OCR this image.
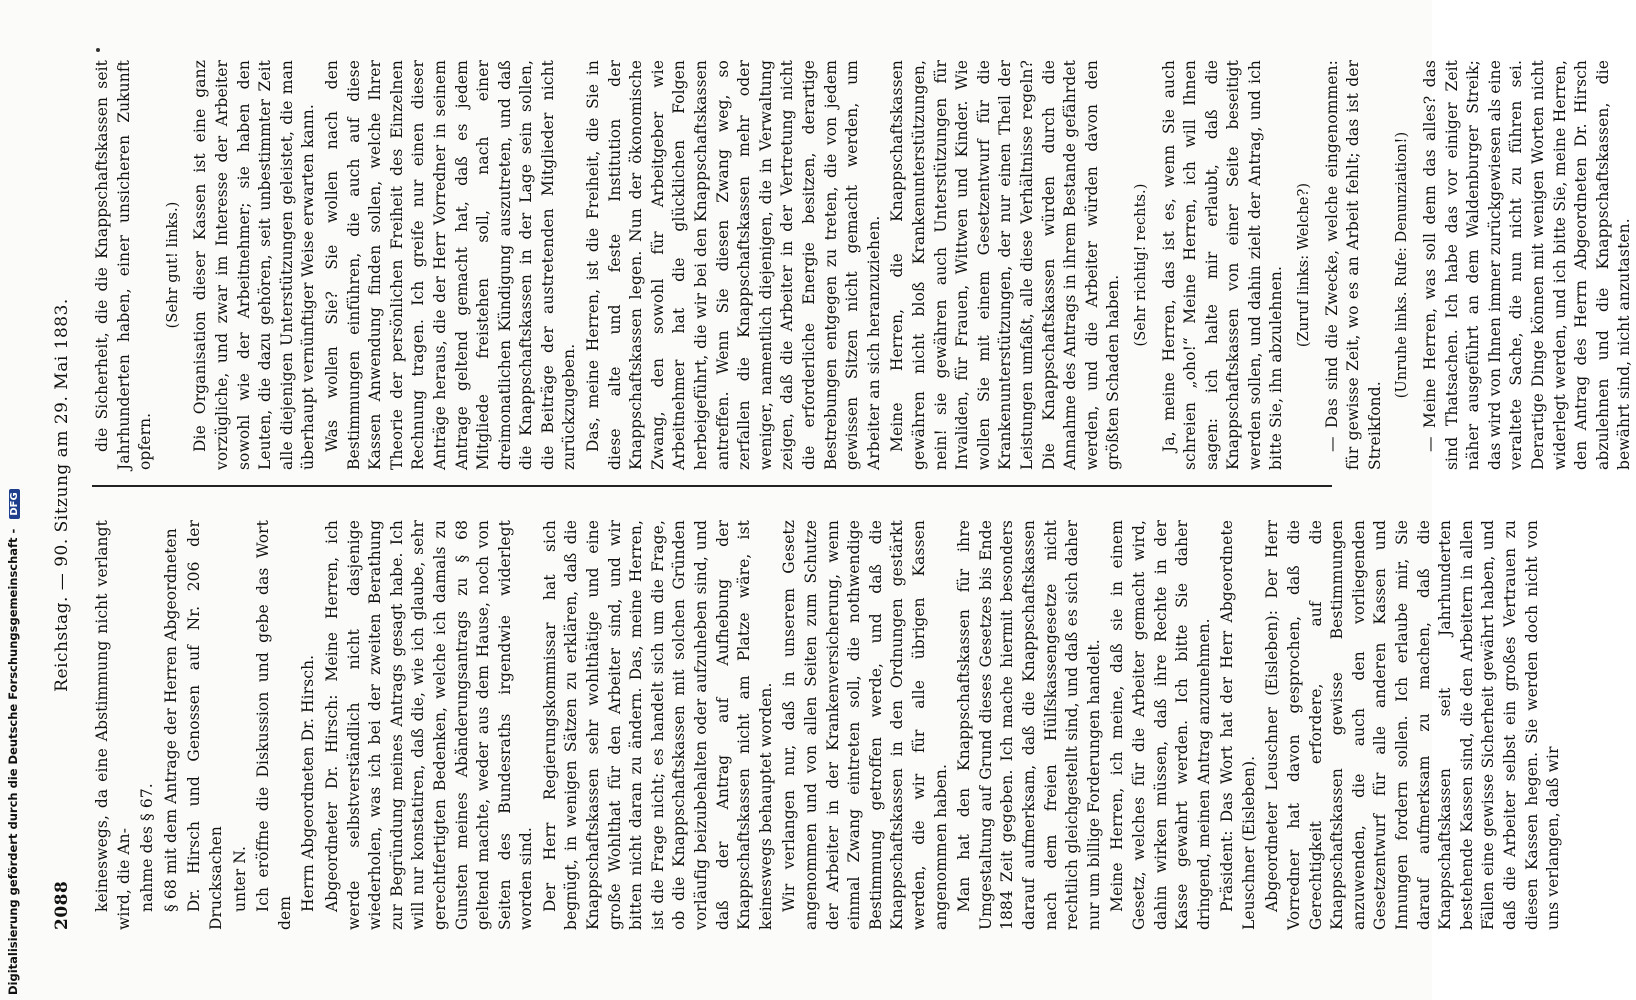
2088
Reichstag. — 90. Sitzung am 29. Mai 1883.

keineswegs, da eine Abstimmung nicht verlangt wird, die An- nahme des § 67. § 68 mit dem Antrage der Herren Abgeordneten Dr. Hirsch und Genossen auf Nr. 206 der Drucksachen unter N. Ich eröffne die Diskussion und gebe das Wort dem

Herrn Abgeordneten Dr. Hirsch. Abgeordneter Dr. Hirsch: Meine Herren, ich werde selbstverständlich nicht dasjenige wiederholen, was ich bei der zweiten Berathung zur Begründung meines Antrags gesagt habe. Ich will nur konstatiren, daß die, wie ich glaube, sehr gerechtfertigten Bedenken, welche ich damals zu Gunsten meines Abänderungsantrags zu § 68 geltend machte, weder aus dem Hause, noch von Seiten des Bundesraths irgendwie widerlegt worden sind. Der Herr Regierungskommissar hat sich begnügt, in wenigen Sätzen zu erklären, daß die Knappschaftskassen sehr wohlthätige und eine große Wohlthat für den Arbeiter sind, und wir bitten nicht daran zu ändern. Das, meine Herren, ist die Frage nicht; es handelt sich um die Frage, ob die Knappschaftskassen mit solchen Gründen vorläufig beizubehalten oder aufzuheben sind, und daß der Antrag auf Aufhebung der Knappschaftskassen nicht am Platze wäre, ist keineswegs behauptet worden. Wir verlangen nur, daß in unserem Gesetz angenommen und von allen Seiten zum Schutze der Arbeiter in der Krankenversicherung, wenn einmal Zwang eintreten soll, die nothwendige Bestimmung getroffen werde, und daß die Knappschaftskassen in den Ordnungen gestärkt werden, die wir für alle übrigen Kassen angenommen haben. Man hat den Knappschaftskassen für ihre Umgestaltung auf Grund dieses Gesetzes bis Ende 1884 Zeit gegeben. Ich mache hiermit besonders darauf aufmerksam, daß die Knappschaftskassen nach dem freien Hülfskassengesetze nicht rechtlich gleichgestellt sind, und daß es sich daher nur um billige Forderungen handelt. Meine Herren, ich meine, daß sie in einem Gesetz, welches für die Arbeiter gemacht wird, dahin wirken müssen, daß ihre Rechte in der Kasse gewahrt werden. Ich bitte Sie daher dringend, meinen Antrag anzunehmen. Präsident: Das Wort hat der Herr Abgeordnete Leuschner (Eisleben). Abgeordneter Leuschner (Eisleben): Der Herr Vorredner hat davon gesprochen, daß die Gerechtigkeit erfordere, auf die Knappschaftskassen gewisse Bestimmungen anzuwenden, die auch den vorliegenden Gesetzentwurf für alle anderen Kassen und Innungen fordern sollen. Ich erlaube mir, Sie darauf aufmerksam zu machen, daß die Knappschaftskassen seit Jahrhunderten bestehende Kassen sind, die den Arbeitern in allen Fällen eine gewisse Sicherheit gewährt haben, und daß die Arbeiter selbst ein großes Vertrauen zu diesen Kassen hegen. Sie werden doch nicht von uns verlangen, daß wir

die Sicherheit, die die Knappschaftskassen seit Jahrhunderten haben, einer unsicheren Zukunft opfern.

(Sehr gut! links.) Die Organisation dieser Kassen ist eine ganz vorzügliche, und zwar im Interesse der Arbeiter sowohl wie der Arbeitnehmer; sie haben den Leuten, die dazu gehören, seit unbestimmter Zeit alle diejenigen Unterstützungen geleistet, die man überhaupt vernünftiger Weise erwarten kann. Was wollen Sie? Sie wollen nach den Bestimmungen einführen, die auch auf diese Kassen Anwendung finden sollen, welche Ihrer Theorie der persönlichen Freiheit des Einzelnen Rechnung tragen. Ich greife nur einen dieser Anträge heraus, die der Herr Vorredner in seinem Antrage geltend gemacht hat, daß es jedem Mitgliede freistehen soll, nach einer dreimonatlichen Kündigung auszutreten, und daß die Knappschaftskassen in der Lage sein sollen, die Beiträge der austretenden Mitglieder nicht zurückzugeben. Das, meine Herren, ist die Freiheit, die Sie in diese alte und feste Institution der Knappschaftskassen legen. Nun der ökonomische Zwang, den sowohl für Arbeitgeber wie Arbeitnehmer hat die glücklichen Folgen herbeigeführt, die wir bei den Knappschaftskassen antreffen. Wenn Sie diesen Zwang weg, so zerfallen die Knappschaftskassen mehr oder weniger, namentlich diejenigen, die in Verwaltung zeigen, daß die Arbeiter in der Vertretung nicht die erforderliche Energie besitzen, derartige Bestrebungen entgegen zu treten, die von jedem gewissen Sitzen nicht gemacht werden, um Arbeiter an sich heranzuziehen. Meine Herren, die Knappschaftskassen gewähren nicht bloß Krankenunterstützungen, nein! sie gewähren auch Unterstützungen für Invaliden, für Frauen, Wittwen und Kinder. Wie wollen Sie mit einem Gesetzentwurf für die Krankenunterstützungen, der nur einen Theil der Leistungen umfaßt, alle diese Verhältnisse regeln? Die Knappschaftskassen würden durch die Annahme des Antrags in ihrem Bestande gefährdet werden, und die Arbeiter würden davon den größten Schaden haben.

(Sehr richtig! rechts.) Ja, meine Herren, das ist es, wenn Sie auch schreien „oho!“ Meine Herren, ich will Ihnen sagen: ich halte mir erlaubt, daß die Knappschaftskassen von einer Seite beseitigt werden sollen, und dahin zielt der Antrag, und ich bitte Sie, ihn abzulehnen.

(Zuruf links: Welche?) — Das sind die Zwecke, welche eingenommen: für gewisse Zeit, wo es an Arbeit fehlt; das ist der Streikfond.

(Unruhe links. Rufe: Denunziation!) — Meine Herren, was soll denn das alles? das sind Thatsachen. Ich habe das vor einiger Zeit näher ausgeführt an dem Waldenburger Streik; das wird von Ihnen immer zurückgewiesen als eine veraltete Sache, die nun nicht zu führen sei. Derartige Dinge können mit wenigen Worten nicht widerlegt werden, und ich bitte Sie, meine Herren, den Antrag des Herrn Abgeordneten Dr. Hirsch abzulehnen und die Knappschaftskassen, die bewährt sind, nicht anzutasten.

Digitalisierung gefördert durch die Deutsche Forschungsgemeinschaft - DFG
